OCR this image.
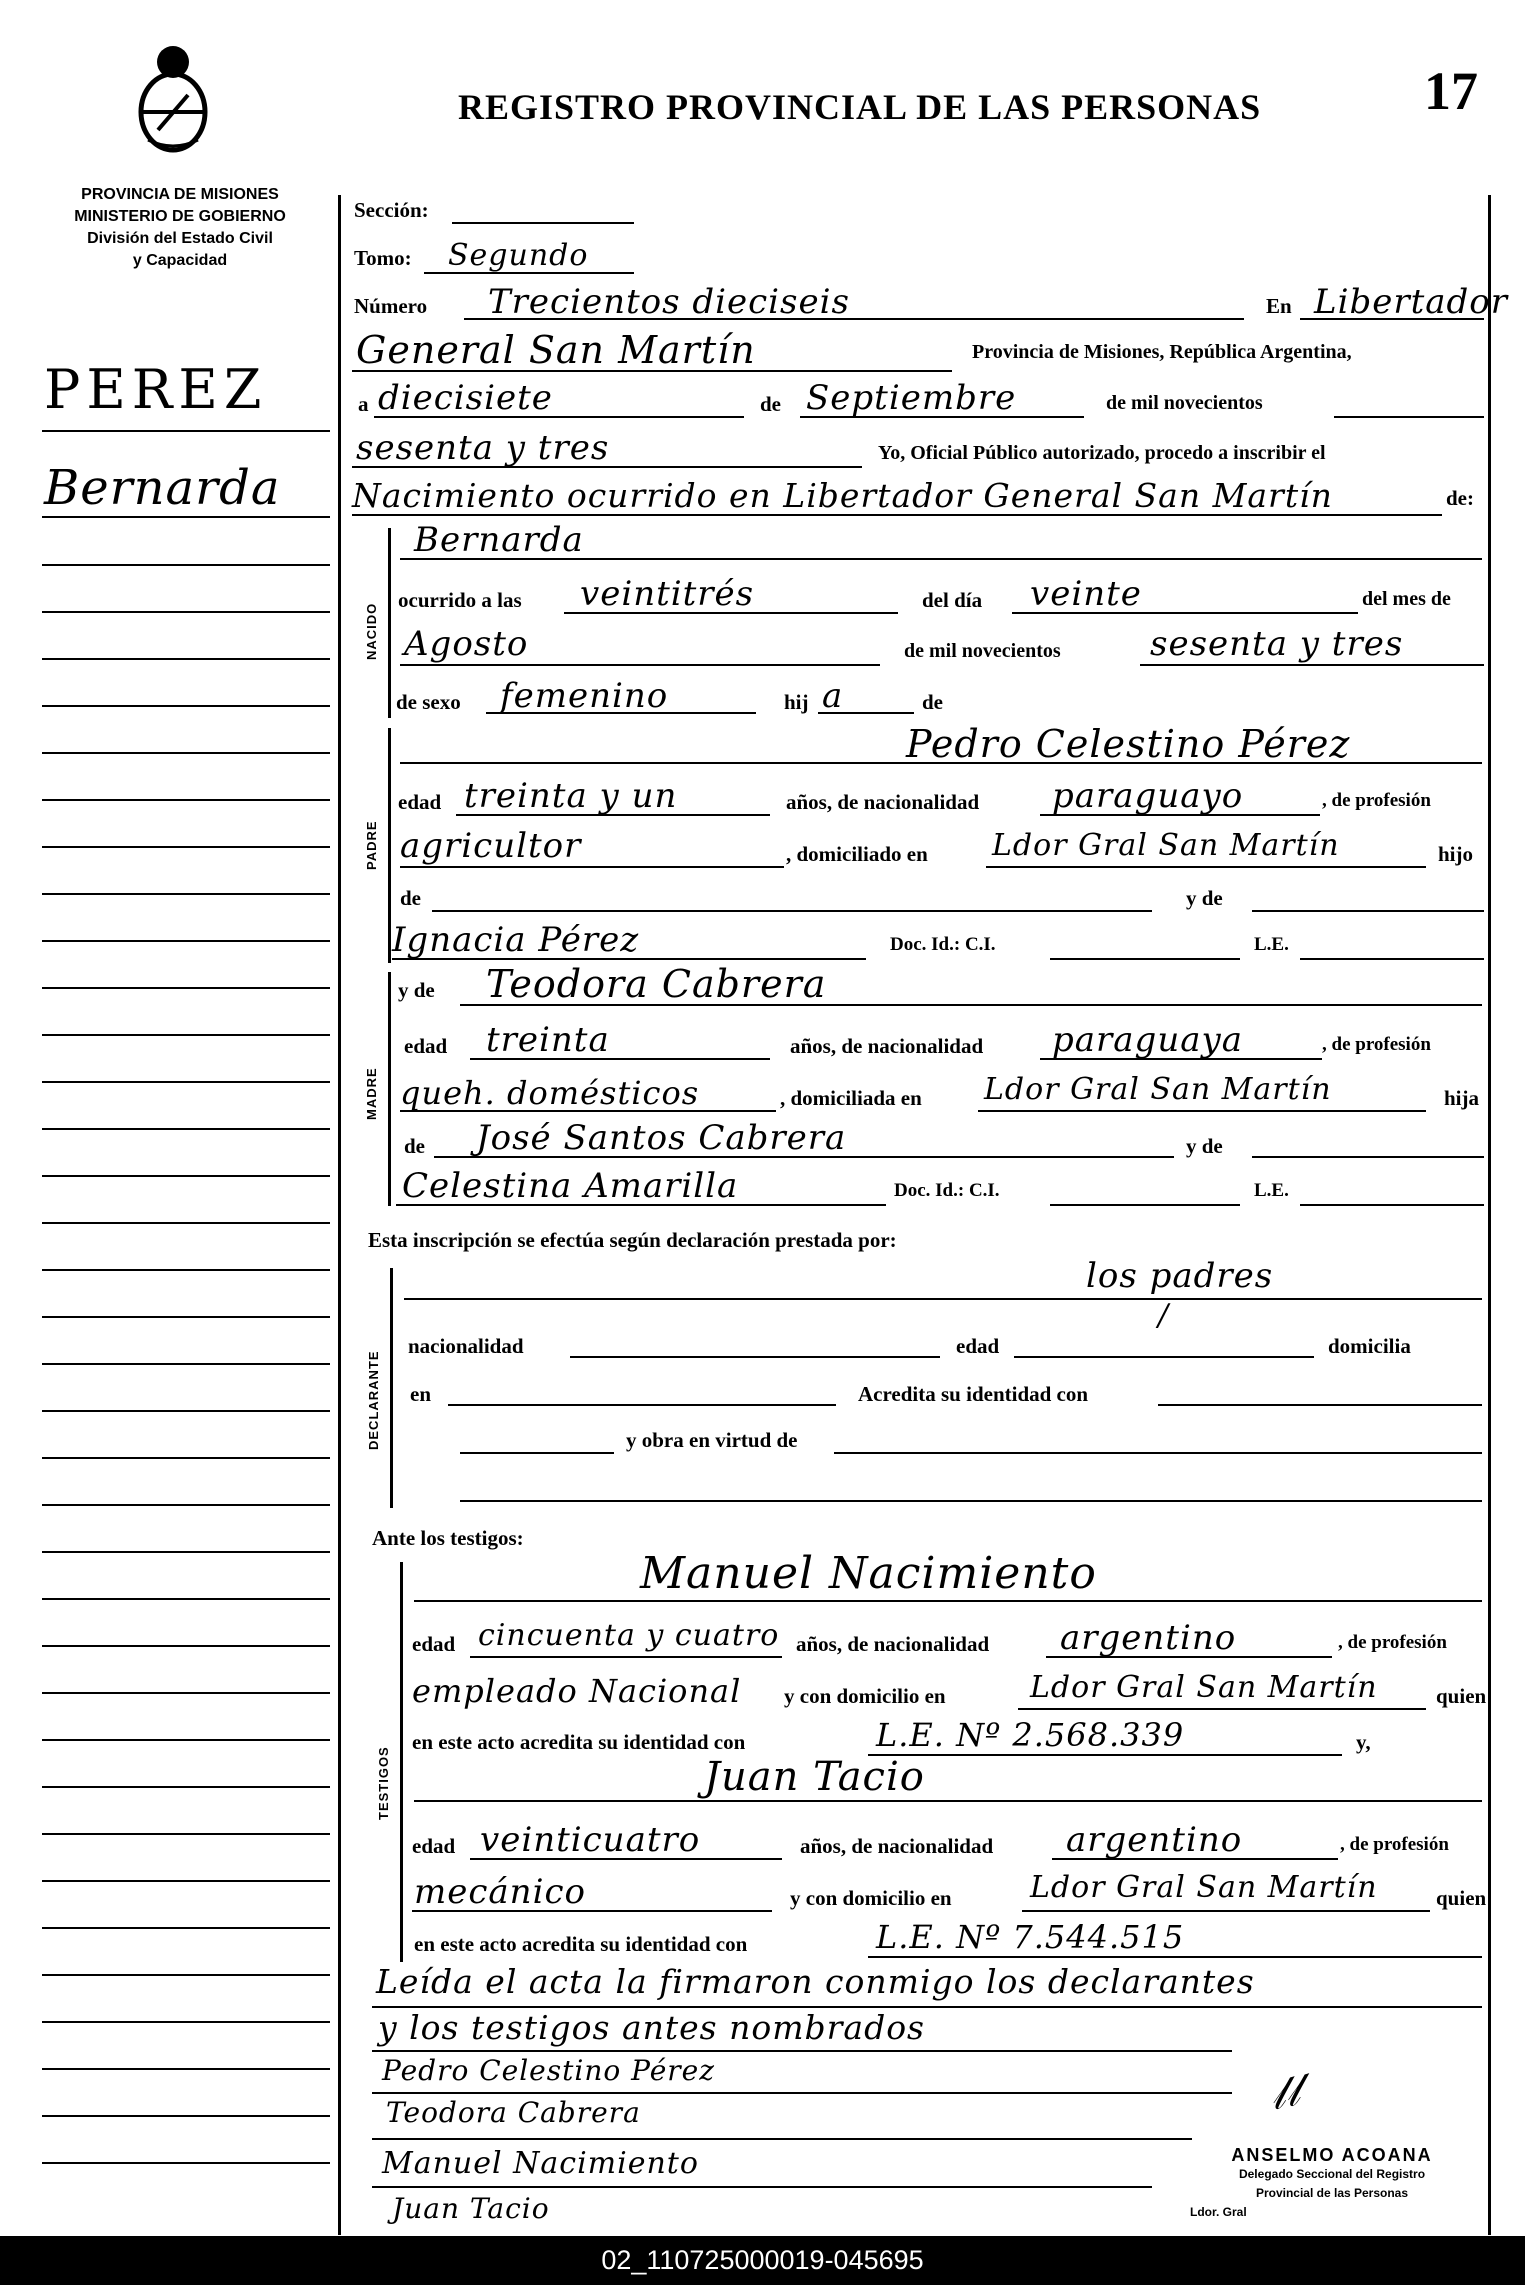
REGISTRO PROVINCIAL DE LAS PERSONAS	17
PROVINCIA DE MISIONES
MINISTERIO DE GOBIERNO
División del Estado Civil
y Capacidad
PEREZ
Bernarda
Sección:
Tomo: Segundo
Número Trecientos dieciseis	En Libertador
General San Martín	Provincia de Misiones, República Argentina,
a diecisiete	de Septiembre	de mil novecientos
sesenta y tres	Yo, Oficial Público autorizado, procedo a inscribir el
Nacimiento ocurrido en Libertador General San Martín	de:
NACIDO
Bernarda
ocurrido a las veintitrés	del día veinte	del mes de
Agosto	de mil novecientos	sesenta y tres
de sexo femenino	hij a	de
PADRE
Pedro Celestino Pérez
edad treinta y un	años, de nacionalidad paraguayo	, de profesión
agricultor	, domiciliado en Ldor Gral San Martín	hijo
de	y de
Ignacia Pérez	Doc. Id.: C.I.	L.E.
MADRE
y de Teodora Cabrera
edad treinta	años, de nacionalidad paraguaya	, de profesión
queh. domésticos	, domiciliada en Ldor Gral San Martín	hija
de José Santos Cabrera	y de
Celestina Amarilla	Doc. Id.: C.I.	L.E.
Esta inscripción se efectúa según declaración prestada por:
DECLARANTE
los padres
/
nacionalidad	edad	domicilia
en	Acredita su identidad con
y obra en virtud de
Ante los testigos:
TESTIGOS
Manuel Nacimiento
edad cincuenta y cuatro años, de nacionalidad argentino	, de profesión
empleado Nacional y con domicilio en	Ldor Gral San Martín	quien
en este acto acredita su identidad con	L.E. Nº 2.568.339	y,
Juan Tacio
edad veinticuatro	años, de nacionalidad argentino	, de profesión
mecánico	y con domicilio en	Ldor Gral San Martín	quien
en este acto acredita su identidad con	L.E. Nº 7.544.515
Leída el acta la firmaron conmigo los declarantes
y los testigos antes nombrados
Pedro Celestino Pérez
Teodora Cabrera
Manuel Nacimiento
Juan Tacio
𝓁𝓁
ANSELMO ACOANA
Delegado Seccional del Registro
Provincial de las Personas
Ldor. Gral
02_110725000019-045695
